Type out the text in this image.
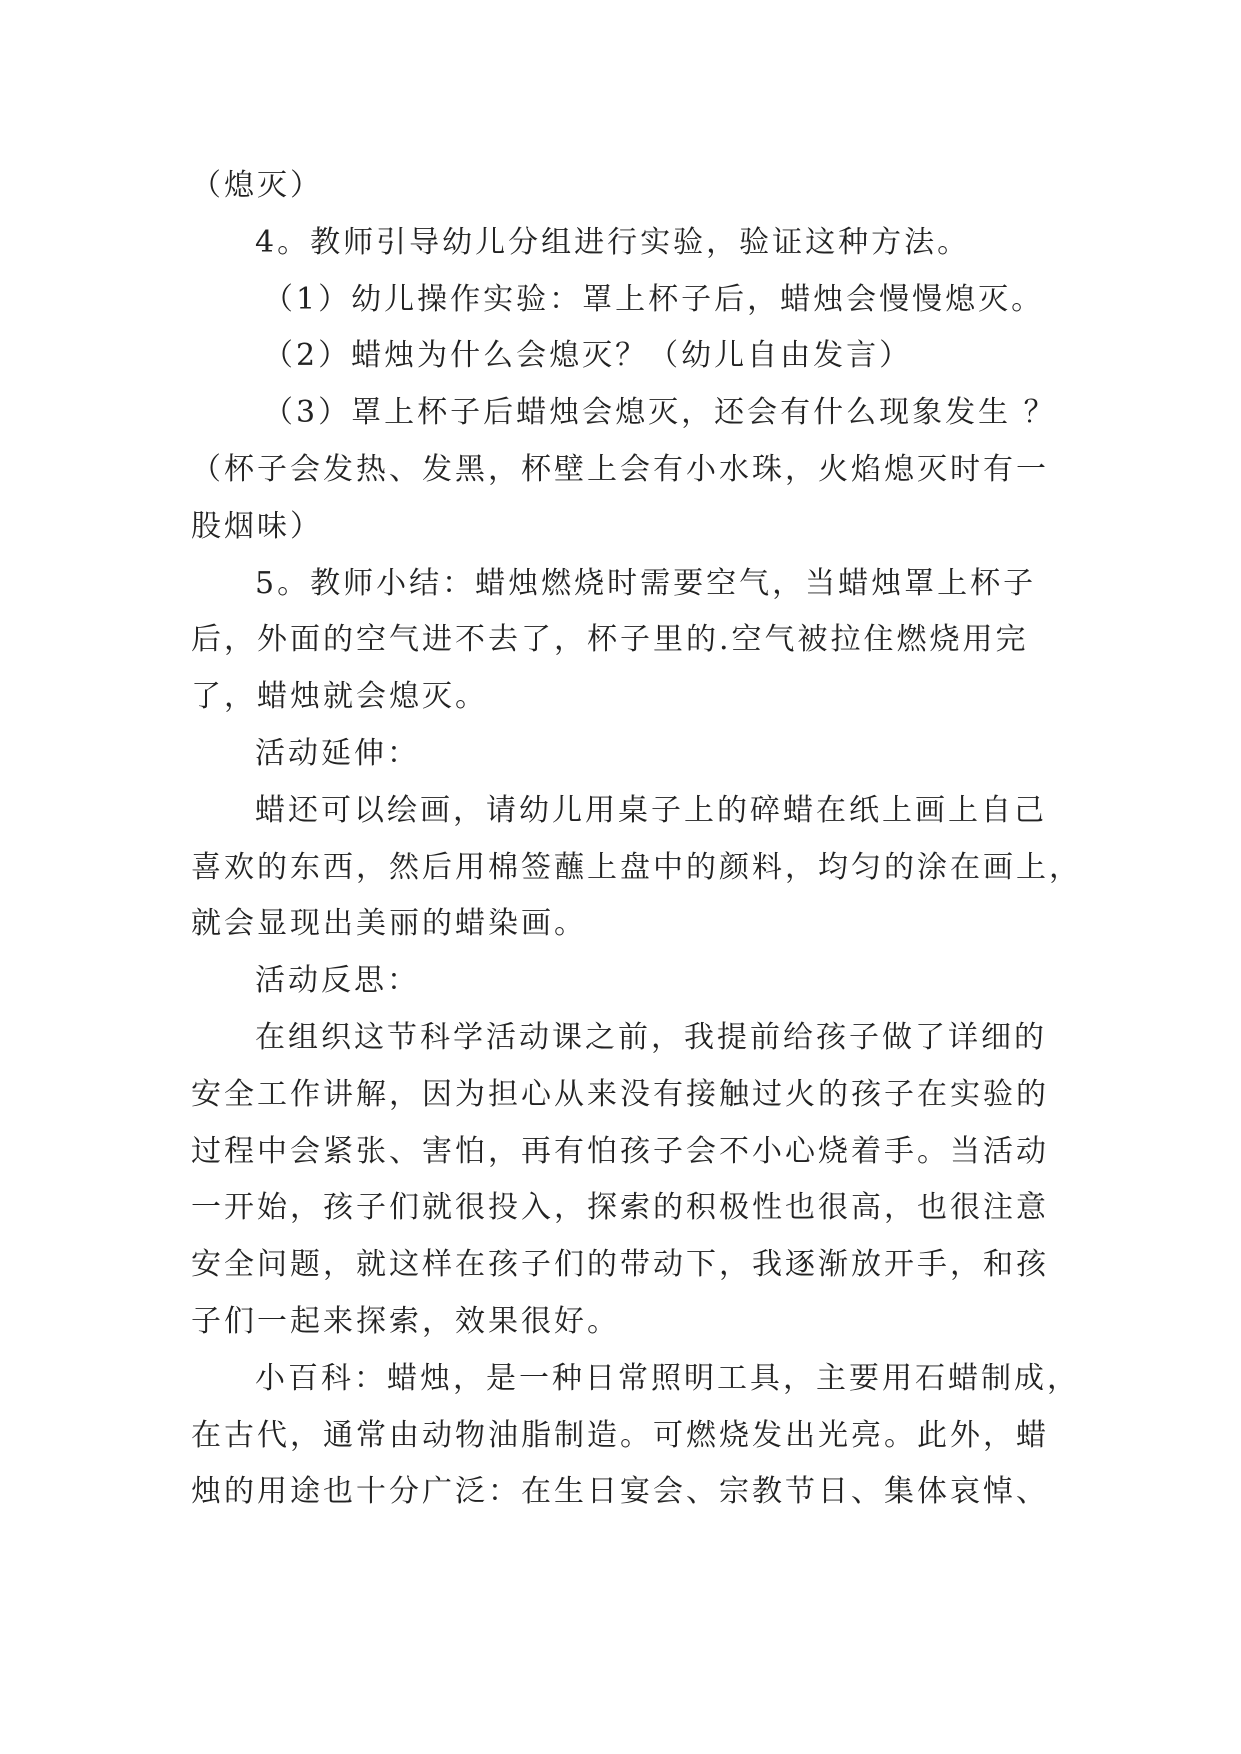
（熄灭）
4。教师引导幼儿分组进行实验，验证这种方法。
（1）幼儿操作实验：罩上杯子后，蜡烛会慢慢熄灭。
（2）蜡烛为什么会熄灭？（幼儿自由发言）
（3）罩上杯子后蜡烛会熄灭，还会有什么现象发生 ？
（杯子会发热、发黑，杯壁上会有小水珠，火焰熄灭时有一
股烟味）
5。教师小结：蜡烛燃烧时需要空气，当蜡烛罩上杯子
后，外面的空气进不去了，杯子里的.空气被拉住燃烧用完
了，蜡烛就会熄灭。
活动延伸：
蜡还可以绘画，请幼儿用桌子上的碎蜡在纸上画上自己
喜欢的东西，然后用棉签蘸上盘中的颜料，均匀的涂在画上，
就会显现出美丽的蜡染画。
活动反思：
在组织这节科学活动课之前，我提前给孩子做了详细的
安全工作讲解，因为担心从来没有接触过火的孩子在实验的
过程中会紧张、害怕，再有怕孩子会不小心烧着手。当活动
一开始，孩子们就很投入，探索的积极性也很高，也很注意
安全问题，就这样在孩子们的带动下，我逐渐放开手，和孩
子们一起来探索，效果很好。
小百科：蜡烛，是一种日常照明工具，主要用石蜡制成，
在古代，通常由动物油脂制造。可燃烧发出光亮。此外，蜡
烛的用途也十分广泛：在生日宴会、宗教节日、集体哀悼、
